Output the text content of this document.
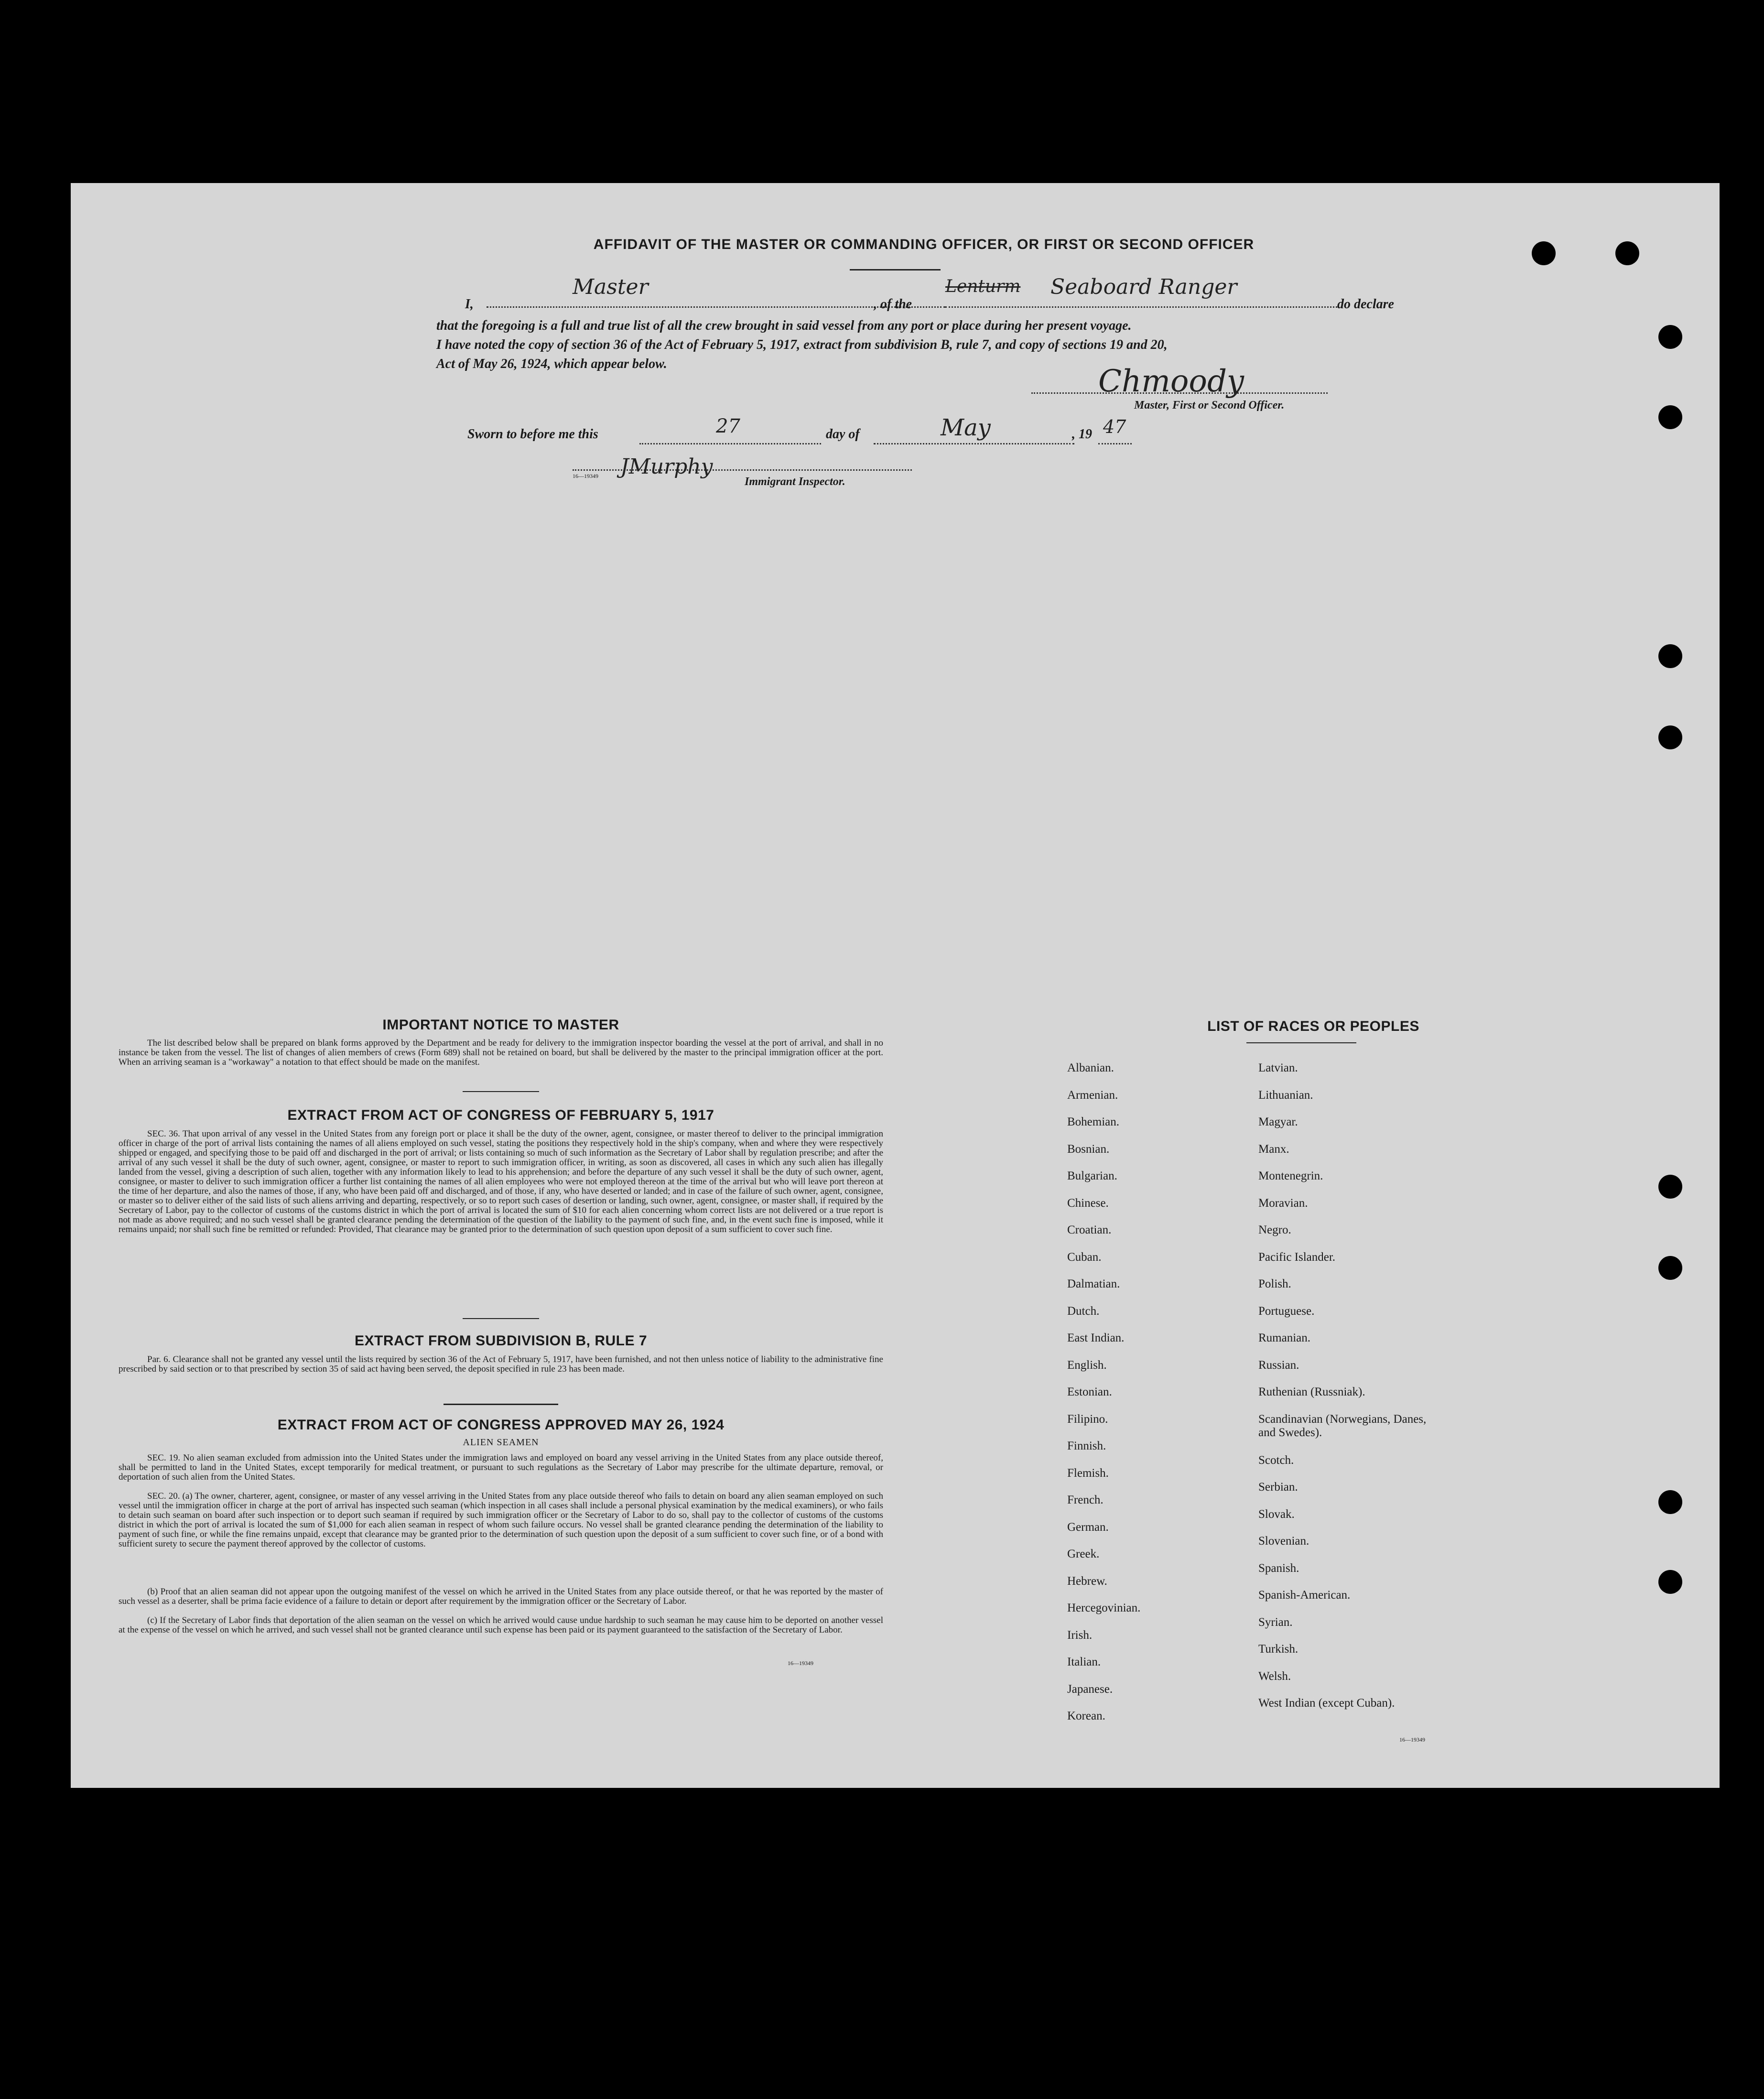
AFFIDAVIT OF THE MASTER OR COMMANDING OFFICER, OR FIRST OR SECOND OFFICER
I,
Master
, of the
Lenturm Seaboard Ranger
do declare
that the foregoing is a full and true list of all the crew brought in said vessel from any port or place during her present voyage.
I have noted the copy of section 36 of the Act of February 5, 1917, extract from subdivision B, rule 7, and copy of sections 19 and 20,
Act of May 26, 1924, which appear below.	Chmoody
Master, First or Second Officer.
Sworn to before me this	27	day of	May	, 19 47
16—19349 JMurphy
Immigrant Inspector.
IMPORTANT NOTICE TO MASTER
The list described below shall be prepared on blank forms approved by the Department and be ready for delivery to the immigration inspector boarding the vessel at the port of arrival, and shall in no instance be taken from the vessel. The list of changes of alien members of crews (Form 689) shall not be retained on board, but shall be delivered by the master to the principal immigration officer at the port. When an arriving seaman is a "workaway" a notation to that effect should be made on the manifest.
EXTRACT FROM ACT OF CONGRESS OF FEBRUARY 5, 1917
SEC. 36. That upon arrival of any vessel in the United States from any foreign port or place it shall be the duty of the owner, agent, consignee, or master thereof to deliver to the principal immigration officer in charge of the port of arrival lists containing the names of all aliens employed on such vessel, stating the positions they respectively hold in the ship's company, when and where they were respectively shipped or engaged, and specifying those to be paid off and discharged in the port of arrival; or lists containing so much of such information as the Secretary of Labor shall by regulation prescribe; and after the arrival of any such vessel it shall be the duty of such owner, agent, consignee, or master to report to such immigration officer, in writing, as soon as discovered, all cases in which any such alien has illegally landed from the vessel, giving a description of such alien, together with any information likely to lead to his apprehension; and before the departure of any such vessel it shall be the duty of such owner, agent, consignee, or master to deliver to such immigration officer a further list containing the names of all alien employees who were not employed thereon at the time of the arrival but who will leave port thereon at the time of her departure, and also the names of those, if any, who have been paid off and discharged, and of those, if any, who have deserted or landed; and in case of the failure of such owner, agent, consignee, or master so to deliver either of the said lists of such aliens arriving and departing, respectively, or so to report such cases of desertion or landing, such owner, agent, consignee, or master shall, if required by the Secretary of Labor, pay to the collector of customs of the customs district in which the port of arrival is located the sum of $10 for each alien concerning whom correct lists are not delivered or a true report is not made as above required; and no such vessel shall be granted clearance pending the determination of the question of the liability to the payment of such fine, and, in the event such fine is imposed, while it remains unpaid; nor shall such fine be remitted or refunded: Provided, That clearance may be granted prior to the determination of such question upon deposit of a sum sufficient to cover such fine.
EXTRACT FROM SUBDIVISION B, RULE 7
Par. 6. Clearance shall not be granted any vessel until the lists required by section 36 of the Act of February 5, 1917, have been furnished, and not then unless notice of liability to the administrative fine prescribed by said section or to that prescribed by section 35 of said act having been served, the deposit specified in rule 23 has been made.
EXTRACT FROM ACT OF CONGRESS APPROVED MAY 26, 1924
ALIEN SEAMEN
SEC. 19. No alien seaman excluded from admission into the United States under the immigration laws and employed on board any vessel arriving in the United States from any place outside thereof, shall be permitted to land in the United States, except temporarily for medical treatment, or pursuant to such regulations as the Secretary of Labor may prescribe for the ultimate departure, removal, or deportation of such alien from the United States.
SEC. 20. (a) The owner, charterer, agent, consignee, or master of any vessel arriving in the United States from any place outside thereof who fails to detain on board any alien seaman employed on such vessel until the immigration officer in charge at the port of arrival has inspected such seaman (which inspection in all cases shall include a personal physical examination by the medical examiners), or who fails to detain such seaman on board after such inspection or to deport such seaman if required by such immigration officer or the Secretary of Labor to do so, shall pay to the collector of customs of the customs district in which the port of arrival is located the sum of $1,000 for each alien seaman in respect of whom such failure occurs. No vessel shall be granted clearance pending the determination of the liability to payment of such fine, or while the fine remains unpaid, except that clearance may be granted prior to the determination of such question upon the deposit of a sum sufficient to cover such fine, or of a bond with sufficient surety to secure the payment thereof approved by the collector of customs.
(b) Proof that an alien seaman did not appear upon the outgoing manifest of the vessel on which he arrived in the United States from any place outside thereof, or that he was reported by the master of such vessel as a deserter, shall be prima facie evidence of a failure to detain or deport after requirement by the immigration officer or the Secretary of Labor.
(c) If the Secretary of Labor finds that deportation of the alien seaman on the vessel on which he arrived would cause undue hardship to such seaman he may cause him to be deported on another vessel at the expense of the vessel on which he arrived, and such vessel shall not be granted clearance until such expense has been paid or its payment guaranteed to the satisfaction of the Secretary of Labor.
16—19349
LIST OF RACES OR PEOPLES
Albanian.
Armenian.
Bohemian.
Bosnian.
Bulgarian.
Chinese.
Croatian.
Cuban.
Dalmatian.
Dutch.
East Indian.
English.
Estonian.
Filipino.
Finnish.
Flemish.
French.
German.
Greek.
Hebrew.
Hercegovinian.
Irish.
Italian.
Japanese.
Korean.
Latvian.
Lithuanian.
Magyar.
Manx.
Montenegrin.
Moravian.
Negro.
Pacific Islander.
Polish.
Portuguese.
Rumanian.
Russian.
Ruthenian (Russniak).
Scandinavian (Norwegians, Danes, and Swedes).
Scotch.
Serbian.
Slovak.
Slovenian.
Spanish.
Spanish-American.
Syrian.
Turkish.
Welsh.
West Indian (except Cuban).
16—19349
